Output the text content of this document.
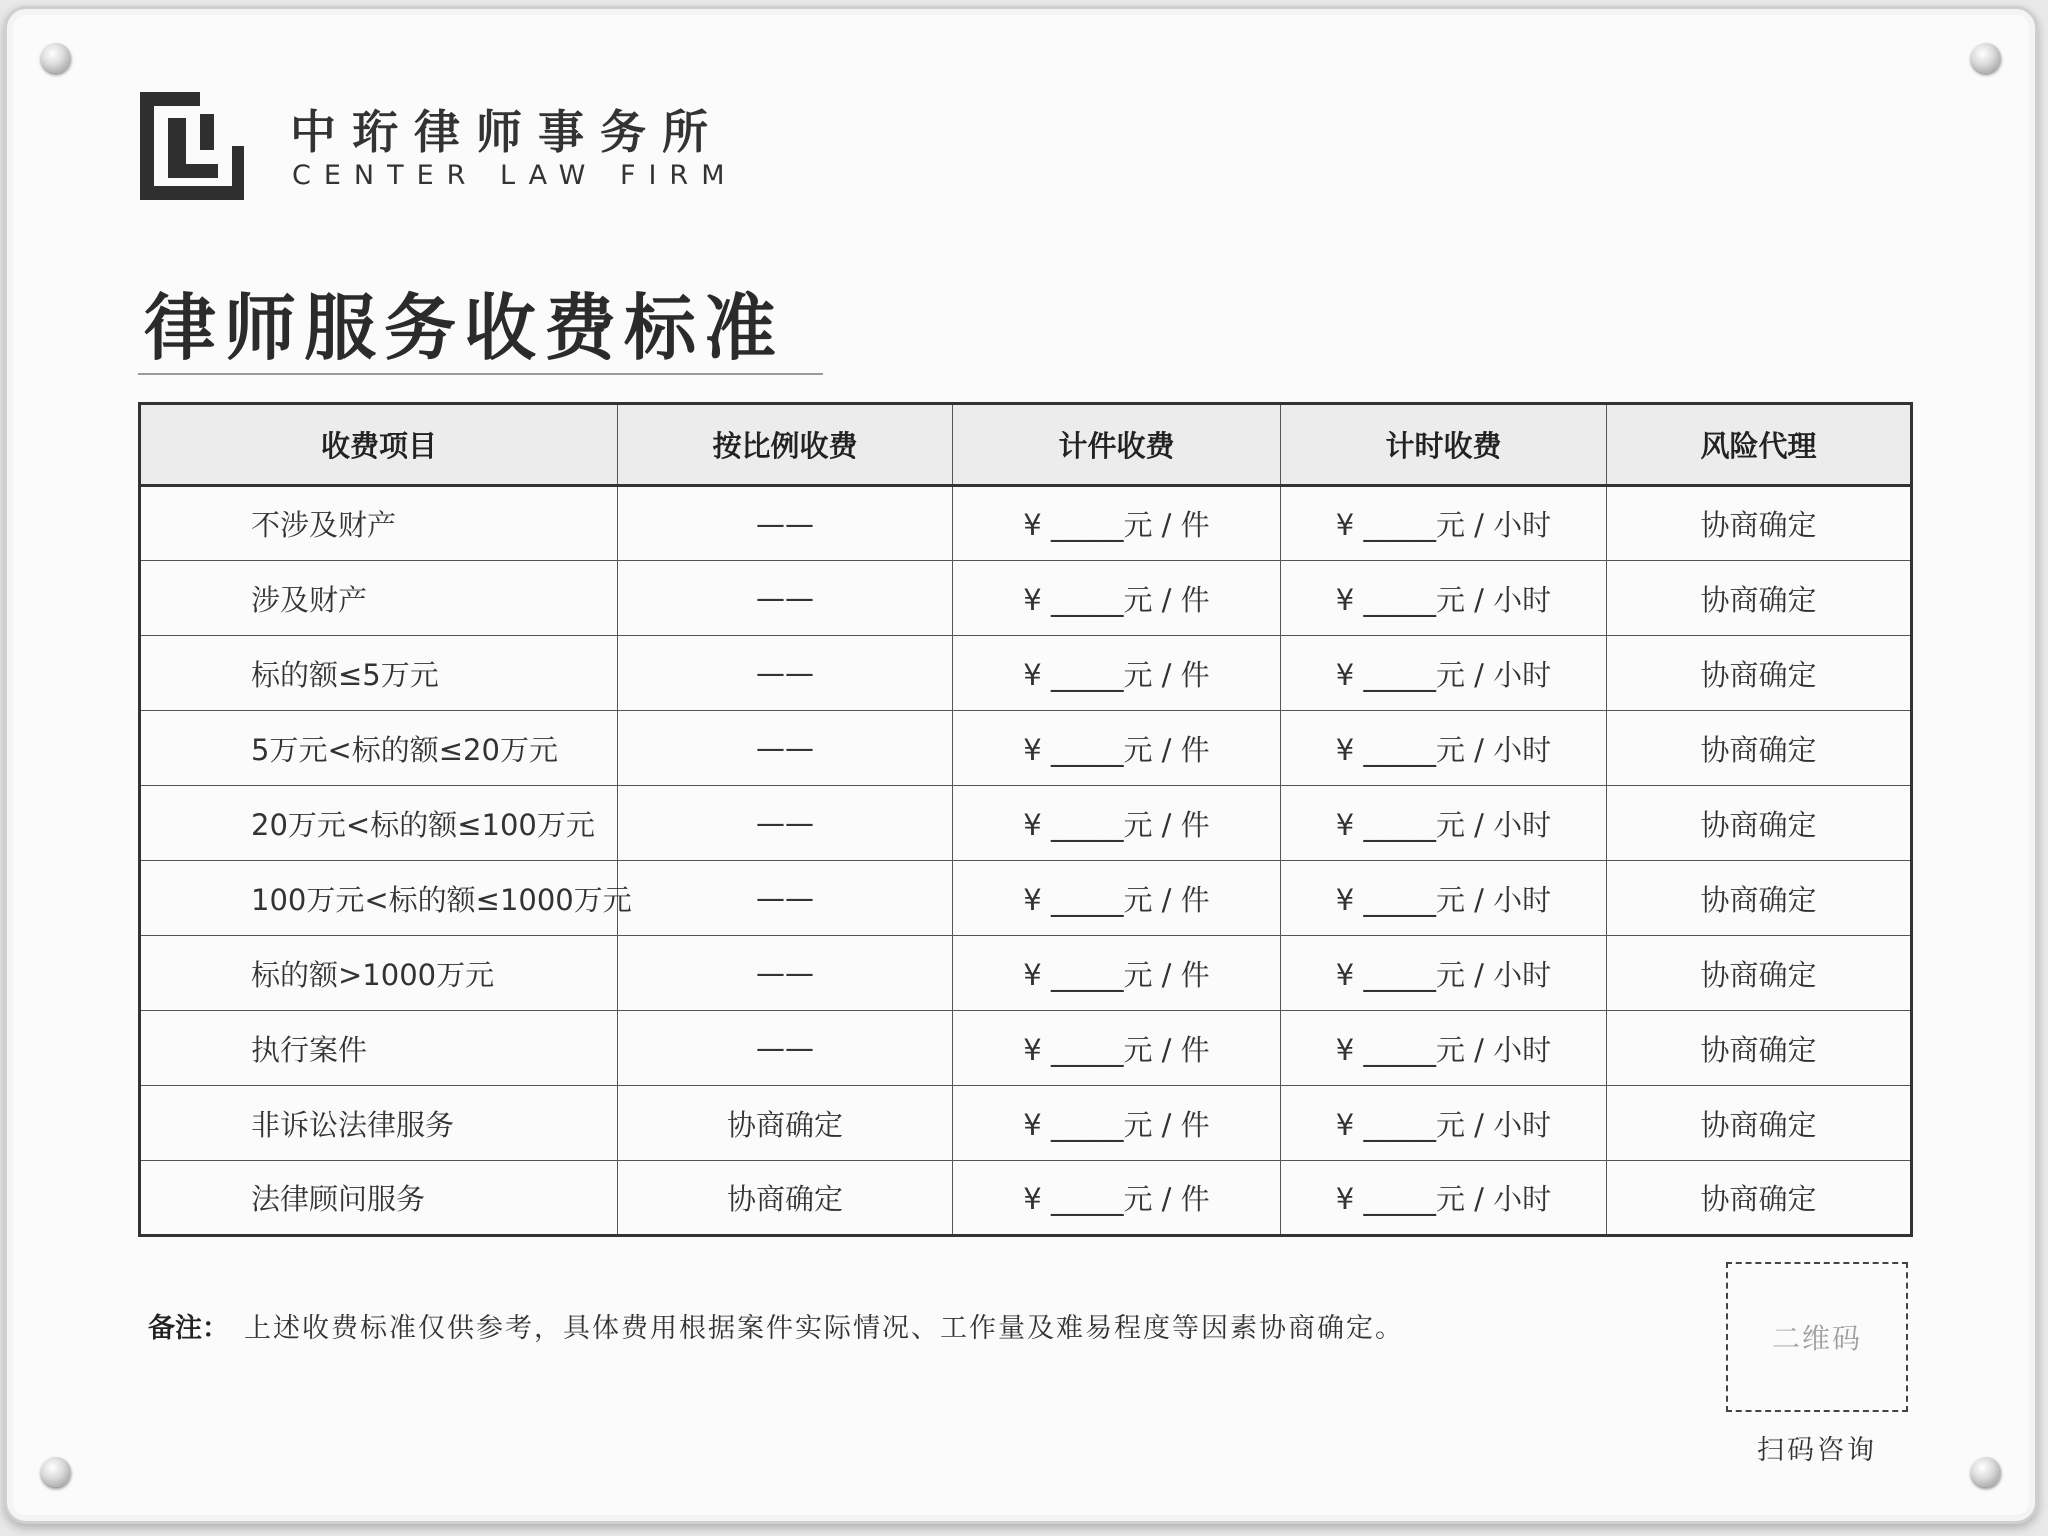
中珩律师事务所
CENTER LAW FIRM
律师服务收费标准
收费项目	按比例收费	计件收费	计时收费	风险代理
不涉及财产	——	¥ _____元 / 件	¥ _____元 / 小时	协商确定
涉及财产	——	¥ _____元 / 件	¥ _____元 / 小时	协商确定
标的额≤5万元	——	¥ _____元 / 件	¥ _____元 / 小时	协商确定
5万元<标的额≤20万元	——	¥ _____元 / 件	¥ _____元 / 小时	协商确定
20万元<标的额≤100万元	——	¥ _____元 / 件	¥ _____元 / 小时	协商确定
100万元<标的额≤1000万元	——	¥ _____元 / 件	¥ _____元 / 小时	协商确定
标的额>1000万元	——	¥ _____元 / 件	¥ _____元 / 小时	协商确定
执行案件	——	¥ _____元 / 件	¥ _____元 / 小时	协商确定
非诉讼法律服务	协商确定	¥ _____元 / 件	¥ _____元 / 小时	协商确定
法律顾问服务	协商确定	¥ _____元 / 件	¥ _____元 / 小时	协商确定
备注： 上述收费标准仅供参考，具体费用根据案件实际情况、工作量及难易程度等因素协商确定。	二维码
扫码咨询
